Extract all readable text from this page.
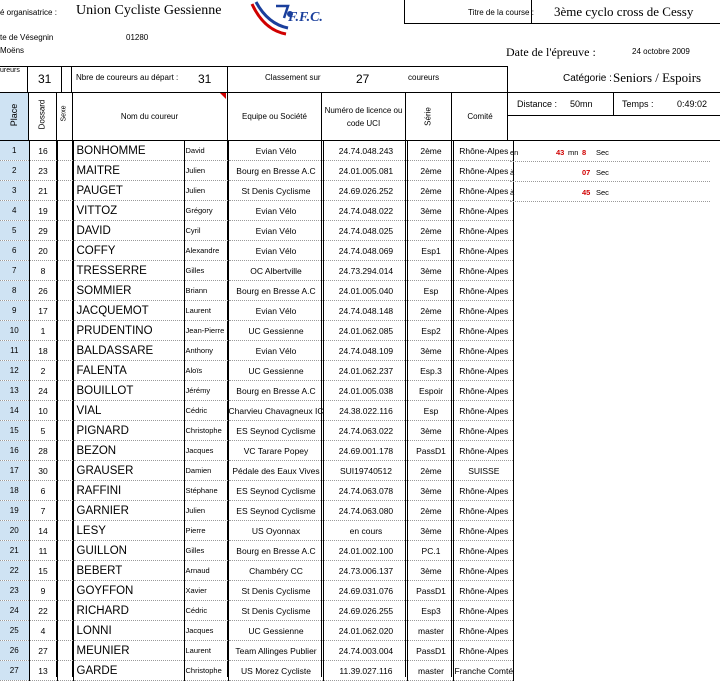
é organisatrice : Union Cycliste Gessienne	F.F.C.	Titre de la course : 3ème cyclo cross de Cessy
te de Vésegnin	01280
Moëns	Date de l'épreuve :	24 octobre 2009
ureurs
31	Nbre de coureurs au départ : 31	Classement sur	27	coureurs	Catégorie : Seniors / Espoirs
Distance : 50mn	Temps :	0:49:02
Place Dossard Sexe	Nom du coureur	Equipe ou Société
Numéro de licence ou code UCI	Série	Comité
1	16		BONHOMME	David	Evian Vélo	24.74.048.243	2ème	Rhône-Alpes
2	23		MAITRE	Julien	Bourg en Bresse A.C	24.01.005.081	2ème	Rhône-Alpes
3	21		PAUGET	Julien	St Denis Cyclisme	24.69.026.252	2ème	Rhône-Alpes
4	19		VITTOZ	Grégory	Evian Vélo	24.74.048.022	3ème	Rhône-Alpes
5	29		DAVID	Cyril	Evian Vélo	24.74.048.025	2ème	Rhône-Alpes
6	20		COFFY	Alexandre	Evian Vélo	24.74.048.069	Esp1	Rhône-Alpes
7	8		TRESSERRE	Gilles	OC Albertville	24.73.294.014	3ème	Rhône-Alpes
8	26		SOMMIER	Briann	Bourg en Bresse A.C	24.01.005.040	Esp	Rhône-Alpes
9	17		JACQUEMOT	Laurent	Evian Vélo	24.74.048.148	2ème	Rhône-Alpes
10	1		PRUDENTINO	Jean-Pierre	UC Gessienne	24.01.062.085	Esp2	Rhône-Alpes
11	18		BALDASSARE	Anthony	Evian Vélo	24.74.048.109	3ème	Rhône-Alpes
12	2		FALENTA	Aloïs	UC Gessienne	24.01.062.237	Esp.3	Rhône-Alpes
13	24		BOUILLOT	Jérémy	Bourg en Bresse A.C	24.01.005.038	Espoir	Rhône-Alpes
14	10		VIAL	Cédric	Charvieu Chavagneux IC	24.38.022.116	Esp	Rhône-Alpes
15	5		PIGNARD	Christophe	ES Seynod Cyclisme	24.74.063.022	3ème	Rhône-Alpes
16	28		BEZON	Jacques	VC Tarare Popey	24.69.001.178	PassD1	Rhône-Alpes
17	30		GRAUSER	Damien	Pédale des Eaux Vives	SUI19740512	2ème	SUISSE
18	6		RAFFINI	Stéphane	ES Seynod Cyclisme	24.74.063.078	3ème	Rhône-Alpes
19	7		GARNIER	Julien	ES Seynod Cyclisme	24.74.063.080	2ème	Rhône-Alpes
20	14		LESY	Pierre	US Oyonnax	en cours	3ème	Rhône-Alpes
21	11		GUILLON	Gilles	Bourg en Bresse A.C	24.01.002.100	PC.1	Rhône-Alpes
22	15		BEBERT	Arnaud	Chambéry CC	24.73.006.137	3ème	Rhône-Alpes
23	9		GOYFFON	Xavier	St Denis Cyclisme	24.69.031.076	PassD1	Rhône-Alpes
24	22		RICHARD	Cédric	St Denis Cyclisme	24.69.026.255	Esp3	Rhône-Alpes
25	4		LONNI	Jacques	UC Gessienne	24.01.062.020	master	Rhône-Alpes
26	27		MEUNIER	Laurent	Team Allinges Publier	24.74.003.004	PassD1	Rhône-Alpes
27	13		GARDE	Christophe	US Morez Cycliste	11.39.027.116	master	Franche Comté
en	43 mn 8 Sec
à	07 Sec
à	45 Sec
